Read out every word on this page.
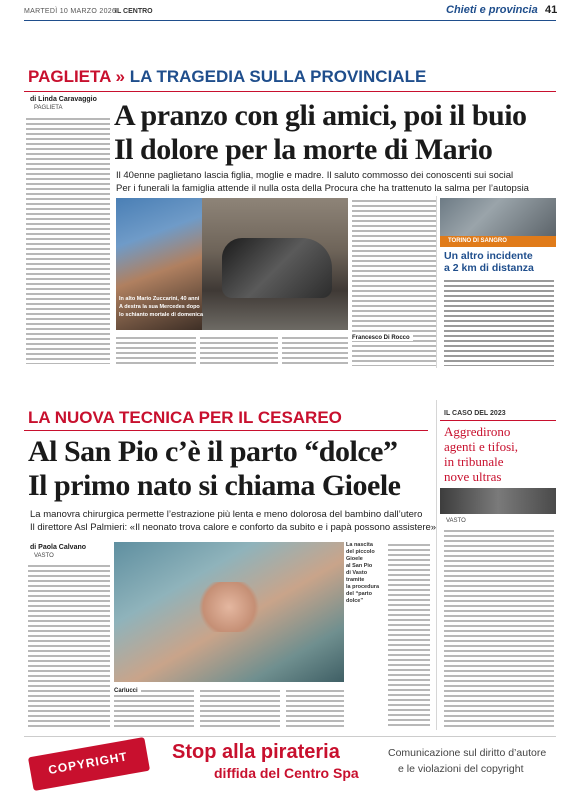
MARTEDÌ 10 MARZO 2026
IL CENTRO	Chieti e provincia 41
PAGLIETA » LA TRAGEDIA SULLA PROVINCIALE
di Linda Caravaggio
PAGLIETA A pranzo con gli amici, poi il buio
Il dolore per la morte di Mario
Il 40enne paglietano lascia figlia, moglie e madre. Il saluto commosso dei conoscenti sui social
Per i funerali la famiglia attende il nulla osta della Procura che ha trattenuto la salma per l’autopsia
In alto Mario Zuccarini, 40 anni
A destra la sua Mercedes dopo
lo schianto mortale di domenica
Francesco Di Rocco
TORINO DI SANGRO
Un altro incidente
a 2 km di distanza
LA NUOVA TECNICA PER IL CESAREO
Al San Pio c’è il parto “dolce”
Il primo nato si chiama Gioele
La manovra chirurgica permette l’estrazione più lenta e meno dolorosa del bambino dall’utero
Il direttore Asl Palmieri: «Il neonato trova calore e conforto da subito e i papà possono assistere»
di Paola Calvano
VASTO
La nascita
del piccolo
Gioele
al San Pio
di Vasto
tramite
la procedura
del “parto
dolce”
Carlucci
IL CASO DEL 2023
Aggredirono
agenti e tifosi,
in tribunale
nove ultras
VASTO
COPYRIGHT Stop alla pirateria
diffida del Centro Spa
Comunicazione sul diritto d’autore
e le violazioni del copyright
